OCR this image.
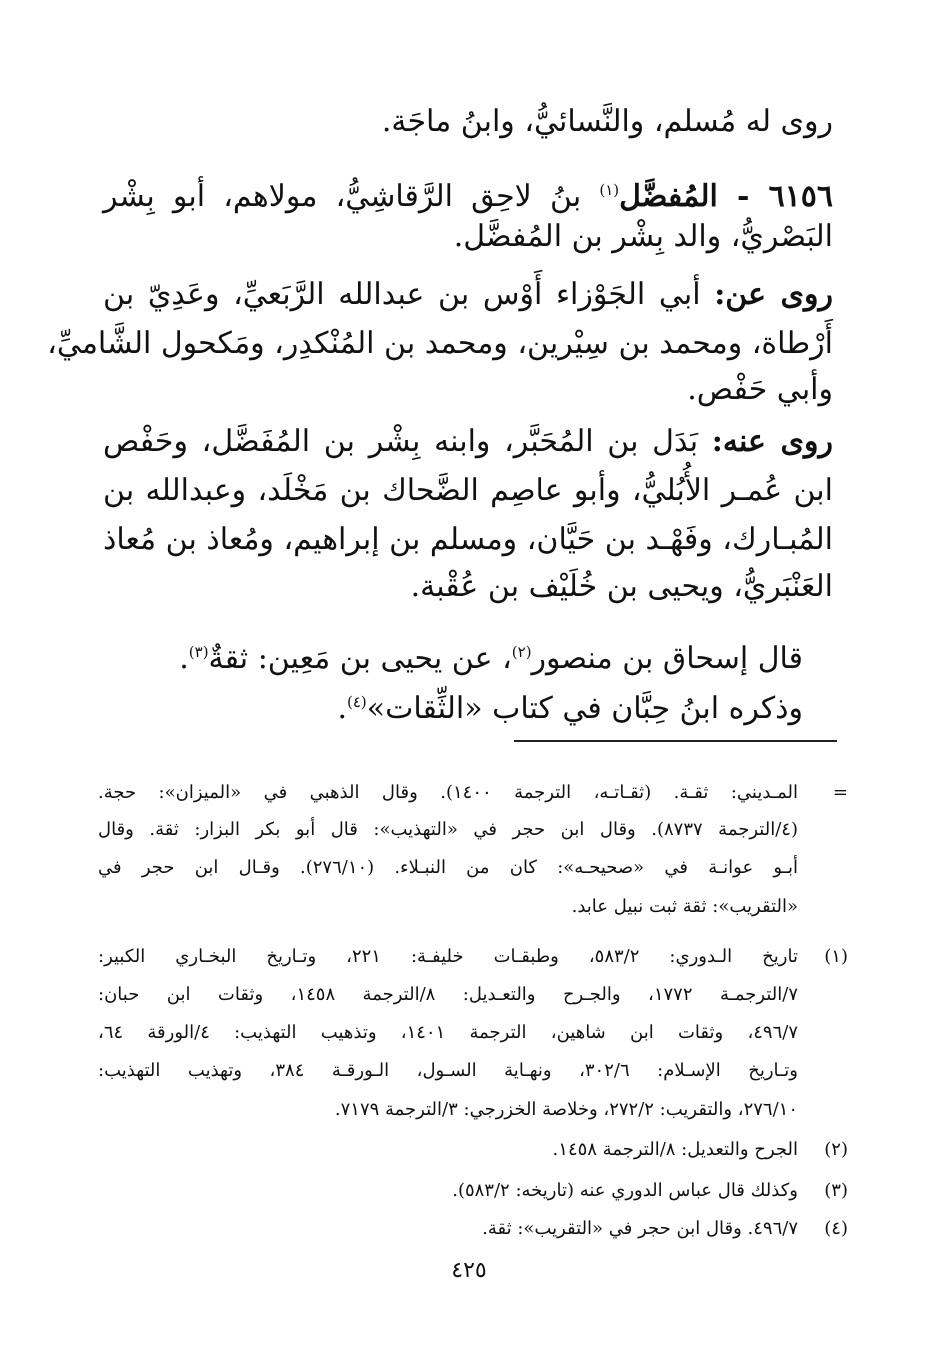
روى له مُسلم، والنَّسائيُّ، وابنُ ماجَة.
٦١٥٦ - المُفضَّل$^{(١)}$ بنُ لاحِق الرَّقاشِيُّ، مولاهم، أبو بِشْر
البَصْريُّ، والد بِشْر بن المُفضَّل.
روى عن: أبي الجَوْزاء أَوْس بن عبدالله الرَّبَعيِّ، وعَدِيّ بن
أَرْطاة، ومحمد بن سِيْرين، ومحمد بن المُنْكدِر، ومَكحول الشَّاميِّ،
وأبي حَفْص.
روى عنه: بَدَل بن المُحَبَّر، وابنه بِشْر بن المُفَضَّل، وحَفْص
ابن عُمـر الأُبُليُّ، وأبو عاصِم الضَّحاك بن مَخْلَد، وعبدالله بن
المُبـارك، وفَهْـد بن حَيَّان، ومسلم بن إبراهيم، ومُعاذ بن مُعاذ
العَنْبَريُّ، ويحيى بن خُلَيْف بن عُقْبة.
قال إسحاق بن منصور$^{(٢)}$، عن يحيى بن مَعِين: ثقةٌ$^{(٣)}$.
وذكره ابنُ حِبَّان في كتاب «الثِّقات»$^{(٤)}$.
=
المـديني: ثقـة. (ثقـاتـه، الترجمة ١٤٠٠). وقال الذهبي في «الميزان»: حجة.
(٤/الترجمة ٨٧٣٧). وقال ابن حجر في «التهذيب»: قال أبو بكر البزار: ثقة. وقال
أبـو عوانـة في «صحيحـه»: كان من النبـلاء. (٢٧٦/١٠). وقـال ابن حجر في
«التقريب»: ثقة ثبت نبيل عابد.
(١)
تاريخ الـدوري: ٥٨٣/٢، وطبقـات خليفـة: ٢٢١، وتـاريخ البخـاري الكبير:
٧/الترجمـة ١٧٧٢، والجـرح والتعـديل: ٨/الترجمة ١٤٥٨، وثقات ابن حبان:
٤٩٦/٧، وثقات ابن شاهين، الترجمة ١٤٠١، وتذهيب التهذيب: ٤/الورقة ٦٤،
وتـاريخ الإسـلام: ٣٠٢/٦، ونهـاية السـول، الـورقـة ٣٨٤، وتهذيب التهذيب:
٢٧٦/١٠، والتقريب: ٢٧٢/٢، وخلاصة الخزرجي: ٣/الترجمة ٧١٧٩.
(٢)
الجرح والتعديل: ٨/الترجمة ١٤٥٨.
(٣)
وكذلك قال عباس الدوري عنه (تاريخه: ٥٨٣/٢).
(٤)
٤٩٦/٧. وقال ابن حجر في «التقريب»: ثقة.
٤٢٥
